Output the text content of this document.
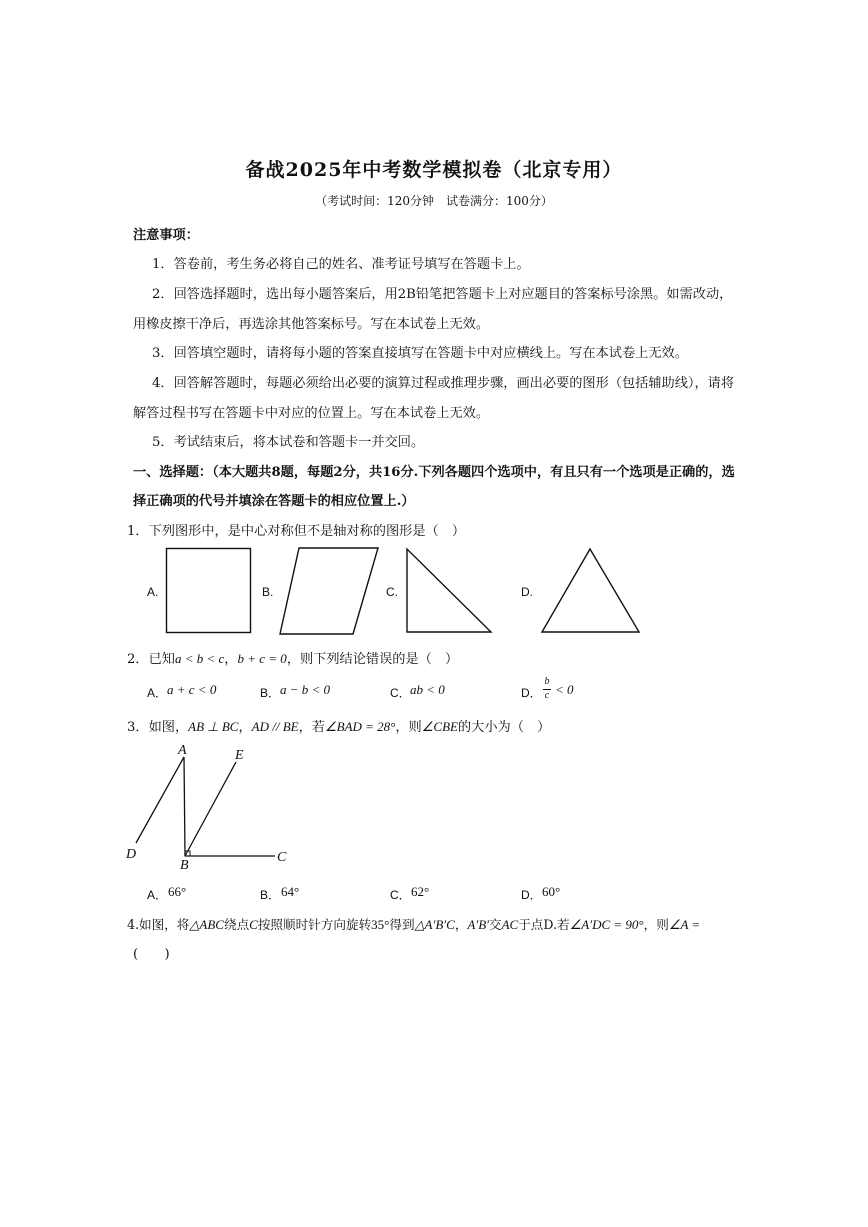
备战2025年中考数学模拟卷（北京专用）
（考试时间：120分钟　试卷满分：100分）
注意事项：
1．答卷前，考生务必将自己的姓名、准考证号填写在答题卡上。
2．回答选择题时，选出每小题答案后，用2B铅笔把答题卡上对应题目的答案标号涂黑。如需改动，
用橡皮擦干净后，再选涂其他答案标号。写在本试卷上无效。
3．回答填空题时，请将每小题的答案直接填写在答题卡中对应横线上。写在本试卷上无效。
4．回答解答题时，每题必须给出必要的演算过程或推理步骤，画出必要的图形（包括辅助线），请将
解答过程书写在答题卡中对应的位置上。写在本试卷上无效。
5．考试结束后，将本试卷和答题卡一并交回。
一、选择题：（本大题共8题，每题2分，共16分.下列各题四个选项中，有且只有一个选项是正确的，选
择正确项的代号并填涂在答题卡的相应位置上.）
1．下列图形中，是中心对称但不是轴对称的图形是（　）
A.	B.	C.	D.
2．已知a < b < c，b + c = 0，则下列结论错误的是（　）
A． a + c < 0	B． a − b < 0	C． ab < 0	D．
b
c < 0
3．如图，AB ⊥ BC，AD // BE，若∠BAD = 28°，则∠CBE的大小为（　）
A	E
D
B
C
A． 66°	B． 64°	C． 62°	D． 60°
4.如图，将△ABC绕点C按照顺时针方向旋转35°得到△A′B′C，A′B′交AC于点D.若∠A′DC = 90°，则∠A =
(　　)
